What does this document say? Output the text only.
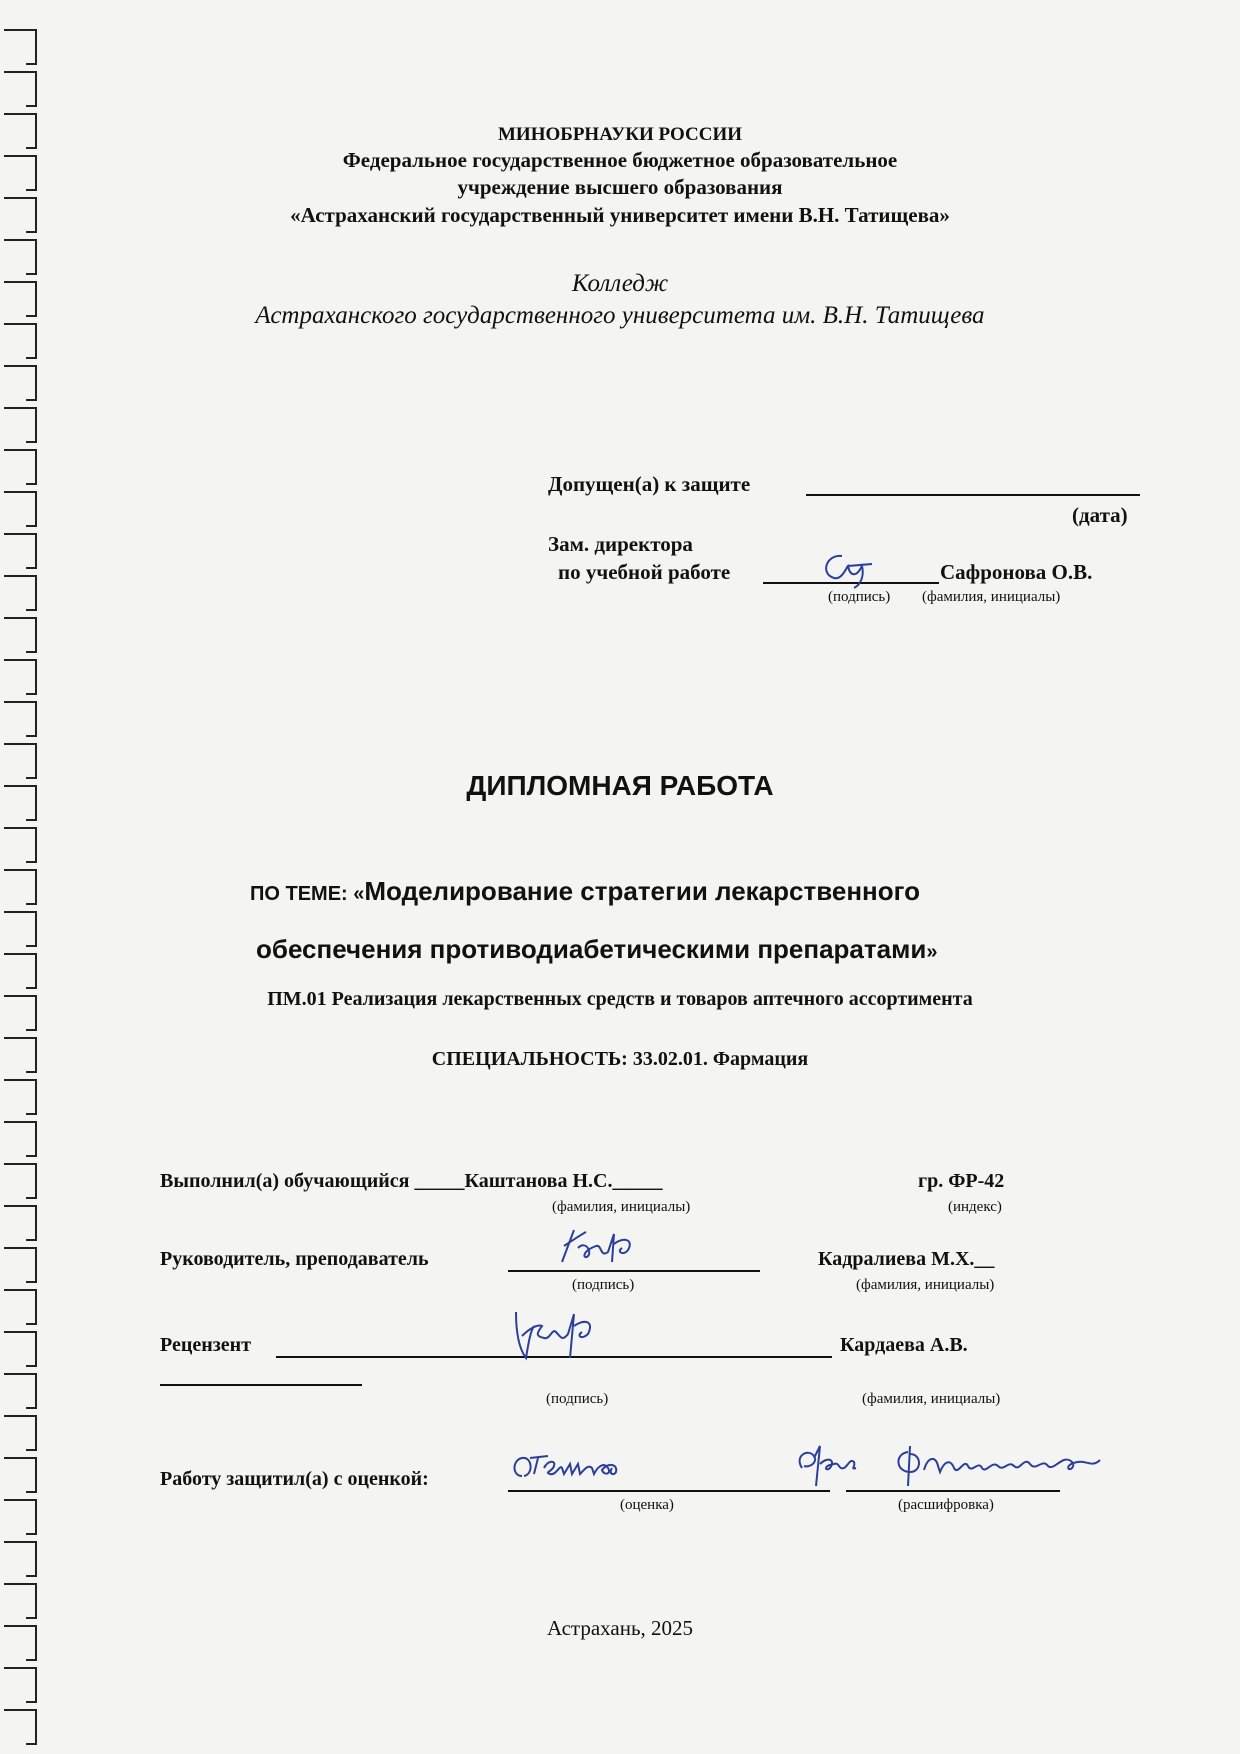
МИНОБРНАУКИ РОССИИ
Федеральное государственное бюджетное образовательное
учреждение высшего образования
«Астраханский государственный университет имени В.Н. Татищева»
Колледж
Астраханского государственного университета им. В.Н. Татищева
Допущен(а) к защите
(дата)
Зам. директора
по учебной работе	Сафронова О.В.
(подпись) (фамилия, инициалы)
ДИПЛОМНАЯ РАБОТА
ПО ТЕМЕ: «Моделирование стратегии лекарственного
обеспечения противодиабетическими препаратами»
ПМ.01 Реализация лекарственных средств и товаров аптечного ассортимента
СПЕЦИАЛЬНОСТЬ: 33.02.01. Фармация
Выполнил(а) обучающийся _____Каштанова Н.С._____
(фамилия, инициалы)
гр. ФР-42
(индекс)
Руководитель, преподаватель	Кадралиева М.Х.__
(подпись)	(фамилия, инициалы)
Рецензент	Кардаева А.В.
(подпись)	(фамилия, инициалы)
Работу защитил(а) с оценкой:
(оценка)	(расшифровка)
Астрахань, 2025
